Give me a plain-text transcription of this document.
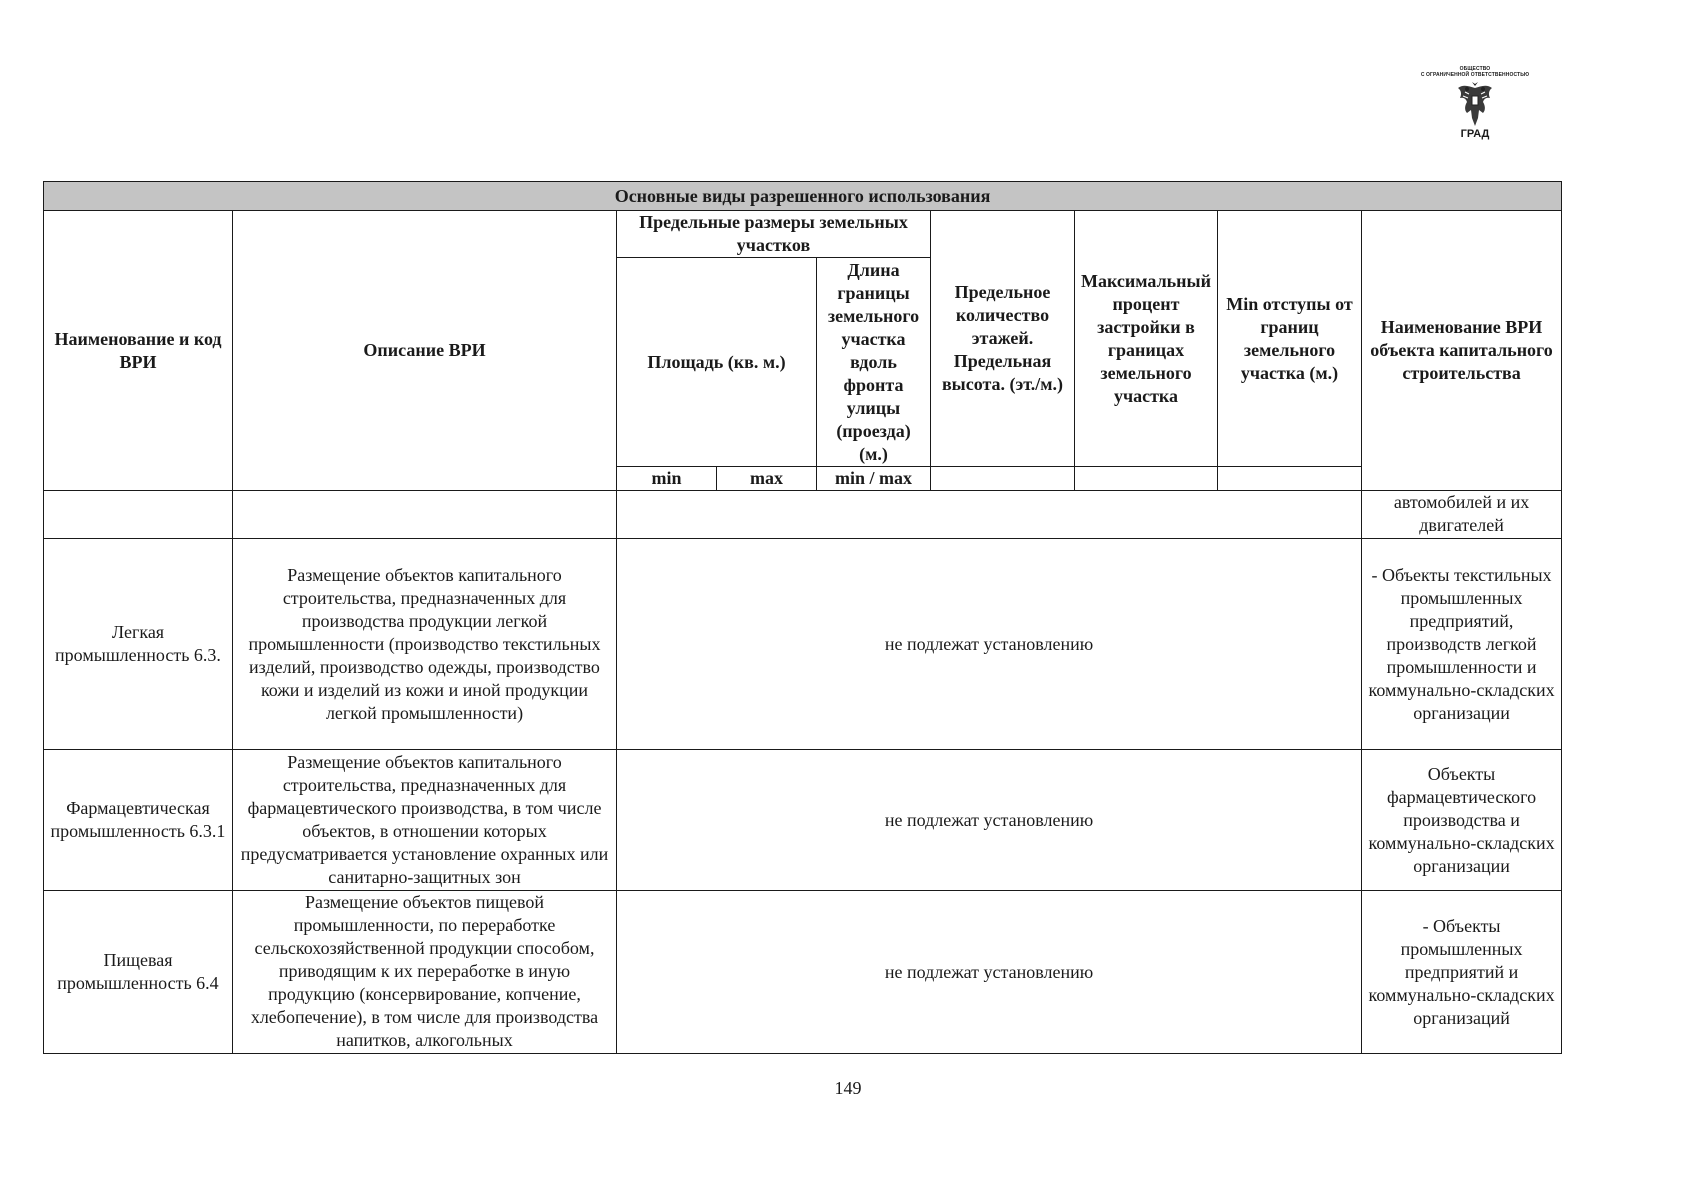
ОБЩЕСТВО
С ОГРАНИЧЕННОЙ ОТВЕТСТВЕННОСТЬЮ
ГРАД
Основные виды разрешенного использования								
Наименование и код ВРИ	Описание ВРИ	Предельные размеры земельных участков			Предельное количество этажей. Предельная высота. (эт./м.)	Максимальный процент застройки в границах земельного участка	Min отступы от границ земельного участка (м.)	Наименование ВРИ объекта капитального строительства
		Площадь (кв. м.)		Длина границы земельного участка вдоль фронта улицы (проезда) (м.)				
		min	max	min / max				
								автомобилей и их двигателей
Легкая промышленность 6.3.	Размещение объектов капитального строительства, предназначенных для производства продукции легкой промышленности (производство текстильных изделий, производство одежды, производство кожи и изделий из кожи и иной продукции легкой промышленности)	не подлежат установлению						- Объекты текстильных промышленных предприятий, производств легкой промышленности и коммунально-складских организации
Фармацевтическая промышленность 6.3.1	Размещение объектов капитального строительства, предназначенных для фармацевтического производства, в том числе объектов, в отношении которых предусматривается установление охранных или санитарно-защитных зон	не подлежат установлению						Объекты фармацевтического производства и коммунально-складских организации
Пищевая промышленность 6.4	Размещение объектов пищевой промышленности, по переработке сельскохозяйственной продукции способом, приводящим к их переработке в иную продукцию (консервирование, копчение, хлебопечение), в том числе для производства напитков, алкогольных	не подлежат установлению						- Объекты промышленных предприятий и коммунально-складских организаций
149
